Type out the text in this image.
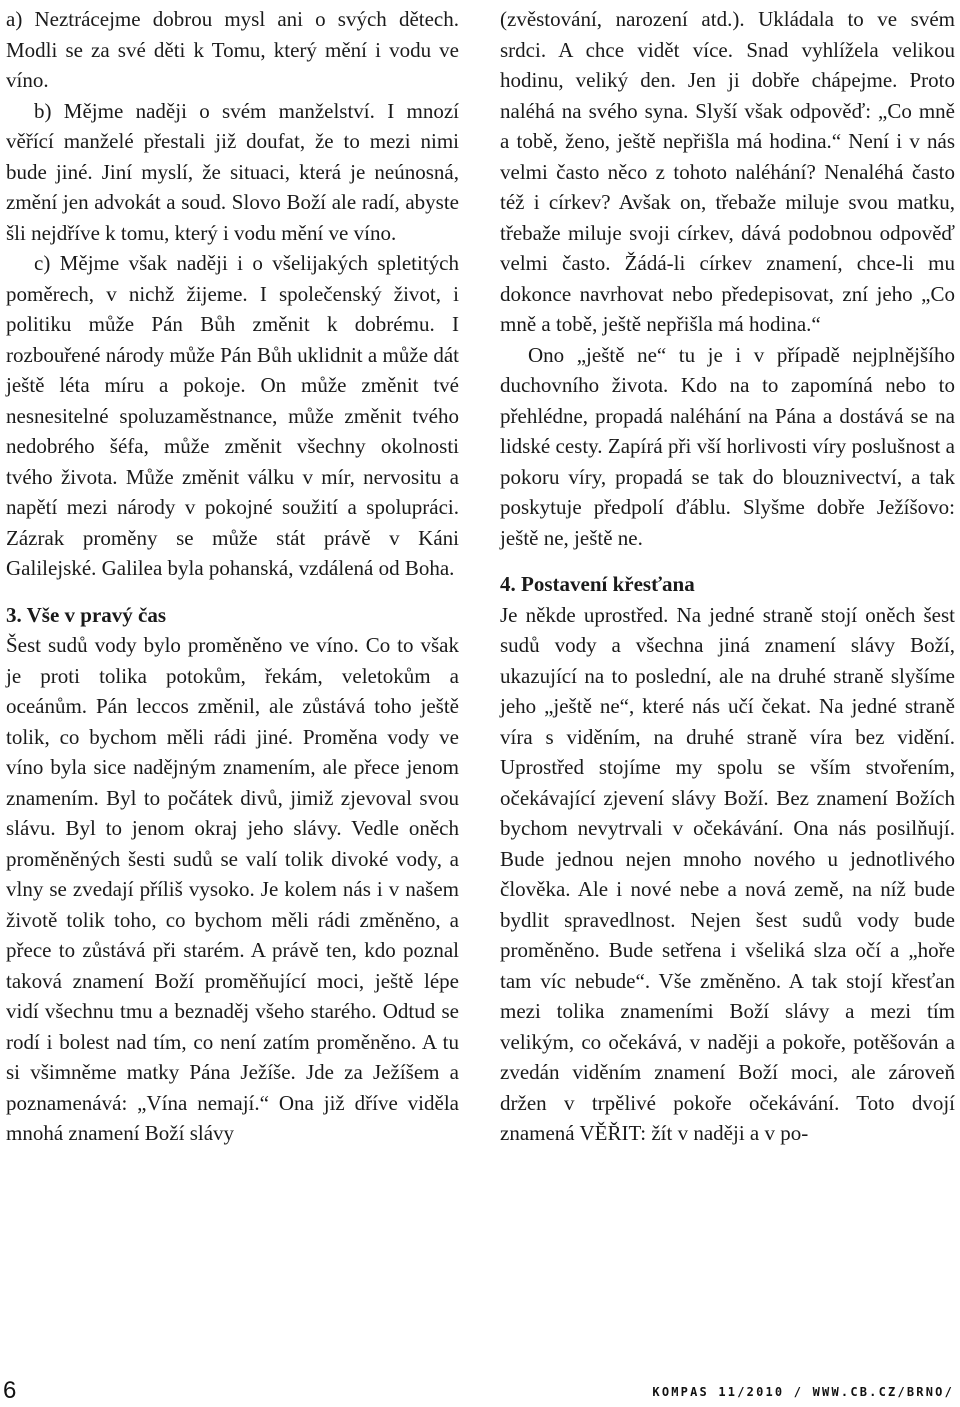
a) Neztrácejme dobrou mysl ani o svých dětech. Modli se za své děti k Tomu, který mění i vodu ve víno.

b) Mějme naději o svém manželství. I mnozí věřící manželé přestali již doufat, že to mezi nimi bude jiné. Jiní myslí, že situaci, která je neúnosná, změní jen advokát a soud. Slovo Boží ale radí, abyste šli nejdříve k tomu, který i vodu mění ve víno.

c) Mějme však naději i o všelijakých spletitých poměrech, v nichž žijeme. I společenský život, i politiku může Pán Bůh změnit k dobrému. I rozbouřené národy může Pán Bůh uklidnit a může dát ještě léta míru a pokoje. On může změnit tvé nesnesitelné spoluzaměstnance, může změnit tvého nedobrého šéfa, může změnit všechny okolnosti tvého života. Může změnit válku v mír, nervositu a napětí mezi národy v pokojné soužití a spolupráci. Zázrak proměny se může stát právě v Káni Galilejské. Galilea byla pohanská, vzdálená od Boha.

3. Vše v pravý čas

Šest sudů vody bylo proměněno ve víno. Co to však je proti tolika potokům, řekám, veletokům a oceánům. Pán leccos změnil, ale zůstává toho ještě tolik, co bychom měli rádi jiné. Proměna vody ve víno byla sice nadějným znamením, ale přece jenom znamením. Byl to počátek divů, jimiž zjevoval svou slávu. Byl to jenom okraj jeho slávy. Vedle oněch proměněných šesti sudů se valí tolik divoké vody, a vlny se zvedají příliš vysoko. Je kolem nás i v našem životě tolik toho, co bychom měli rádi změněno, a přece to zůstává při starém. A právě ten, kdo poznal taková znamení Boží proměňující moci, ještě lépe vidí všechnu tmu a beznaděj všeho starého. Odtud se rodí i bolest nad tím, co není zatím proměněno. A tu si všimněme matky Pána Ježíše. Jde za Ježíšem a poznamenává: „Vína nemají.“ Ona již dříve viděla mnohá znamení Boží slávy

(zvěstování, narození atd.). Ukládala to ve svém srdci. A chce vidět více. Snad vyhlížela velikou hodinu, veliký den. Jen ji dobře chápejme. Proto naléhá na svého syna. Slyší však odpověď: „Co mně a tobě, ženo, ještě nepřišla má hodina.“ Není i v nás velmi často něco z tohoto naléhání? Nenaléhá často též i církev? Avšak on, třebaže miluje svou matku, třebaže miluje svoji církev, dává podobnou odpověď velmi často. Žádá-li církev znamení, chce-li mu dokonce navrhovat nebo předepisovat, zní jeho „Co mně a tobě, ještě nepřišla má hodina.“

Ono „ještě ne“ tu je i v případě nejplnějšího duchovního života. Kdo na to zapomíná nebo to přehlédne, propadá naléhání na Pána a dostává se na lidské cesty. Zapírá při vší horlivosti víry poslušnost a pokoru víry, propadá se tak do blouznivectví, a tak poskytuje předpolí ďáblu. Slyšme dobře Ježíšovo: ještě ne, ještě ne.

4. Postavení křesťana

Je někde uprostřed. Na jedné straně stojí oněch šest sudů vody a všechna jiná znamení slávy Boží, ukazující na to poslední, ale na druhé straně slyšíme jeho „ještě ne“, které nás učí čekat. Na jedné straně víra s viděním, na druhé straně víra bez vidění. Uprostřed stojíme my spolu se vším stvořením, očekávající zjevení slávy Boží. Bez znamení Božích bychom nevytrvali v očekávání. Ona nás posilňují. Bude jednou nejen mnoho nového u jednotlivého člověka. Ale i nové nebe a nová země, na níž bude bydlit spravedlnost. Nejen šest sudů vody bude proměněno. Bude setřena i všeliká slza očí a „hoře tam víc nebude“. Vše změněno. A tak stojí křesťan mezi tolika znameními Boží slávy a mezi tím velikým, co očekává, v naději a pokoře, potěšován a zvedán viděním znamení Boží moci, ale zároveň držen v trpělivé pokoře očekávání. Toto dvojí znamená VĚŘIT: žít v naději a v po-

6	KOMPAS 11/2010 / WWW.CB.CZ/BRNO/
